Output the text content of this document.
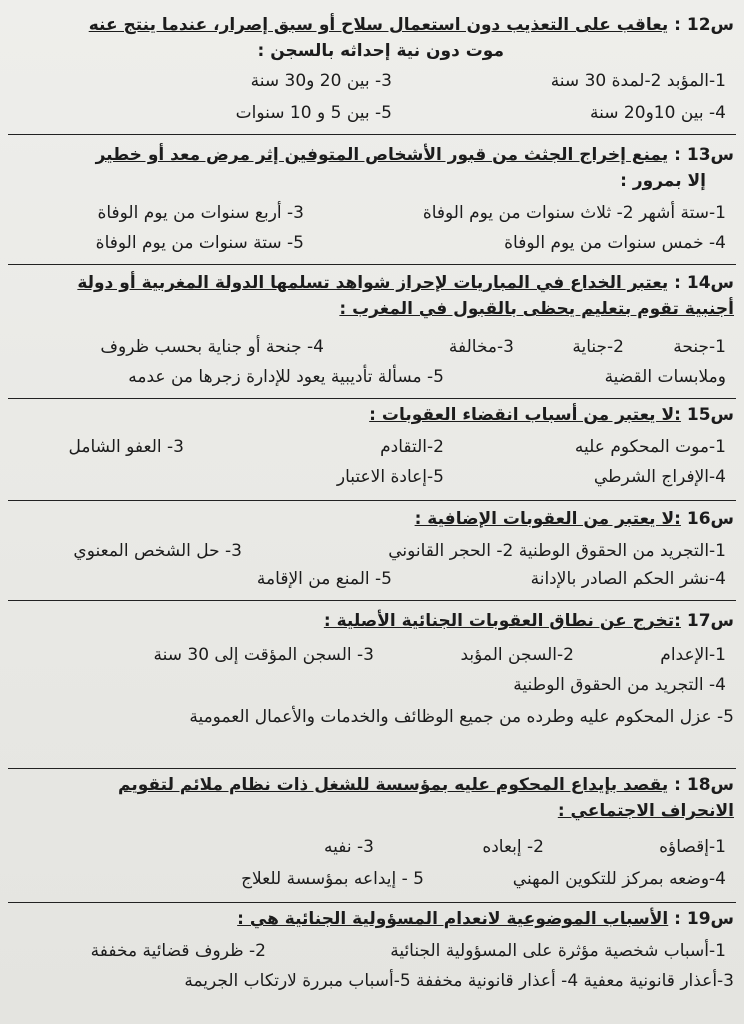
س12 : يعاقب على التعذيب دون استعمال سلاح أو سبق إصرار، عندما ينتج عنه
موت دون نية إحداثه بالسجن :
1-المؤبد 2-لمدة 30 سنة
3- بين 20 و30 سنة
4- بين 10و20 سنة
5- بين 5 و 10 سنوات
س13 : يمنع إخراج الجثث من قبور الأشخاص المتوفين إثر مرض معد أو خطير
إلا بمرور :
1-ستة أشهر 2- ثلاث سنوات من يوم الوفاة
3- أربع سنوات من يوم الوفاة
4- خمس سنوات من يوم الوفاة
5- ستة سنوات من يوم الوفاة
س14 : يعتبر الخداع في المباريات لإحراز شواهد تسلمها الدولة المغربية أو دولة
أجنبية تقوم بتعليم يحظى بالقبول في المغرب :
1-جنحة
2-جناية
3-مخالفة
4- جنحة أو جناية بحسب ظروف
وملابسات القضية
5- مسألة تأديبية يعود للإدارة زجرها من عدمه
س15 :لا يعتبر من أسباب انقضاء العقوبات :
1-موت المحكوم عليه
2-التقادم
3- العفو الشامل
4-الإفراج الشرطي
5-إعادة الاعتبار
س16 :لا يعتبر من العقوبات الإضافية :
1-التجريد من الحقوق الوطنية 2- الحجر القانوني
3- حل الشخص المعنوي
4-نشر الحكم الصادر بالإدانة
5- المنع من الإقامة
س17 :تخرج عن نطاق العقوبات الجنائية الأصلية :
1-الإعدام
2-السجن المؤبد
3- السجن المؤقت إلى 30 سنة
4- التجريد من الحقوق الوطنية
5- عزل المحكوم عليه وطرده من جميع الوظائف والخدمات والأعمال العمومية
س18 : يقصد بإيداع المحكوم عليه بمؤسسة للشغل ذات نظام ملائم لتقويم
الانحراف الاجتماعي :
1-إقصاؤه
2- إبعاده
3- نفيه
4-وضعه بمركز للتكوين المهني
5 - إيداعه بمؤسسة للعلاج
س19 : الأسباب الموضوعية لانعدام المسؤولية الجنائية هي :
1-أسباب شخصية مؤثرة على المسؤولية الجنائية
2- ظروف قضائية مخففة
3-أعذار قانونية معفية 4- أعذار قانونية مخففة 5-أسباب مبررة لارتكاب الجريمة
